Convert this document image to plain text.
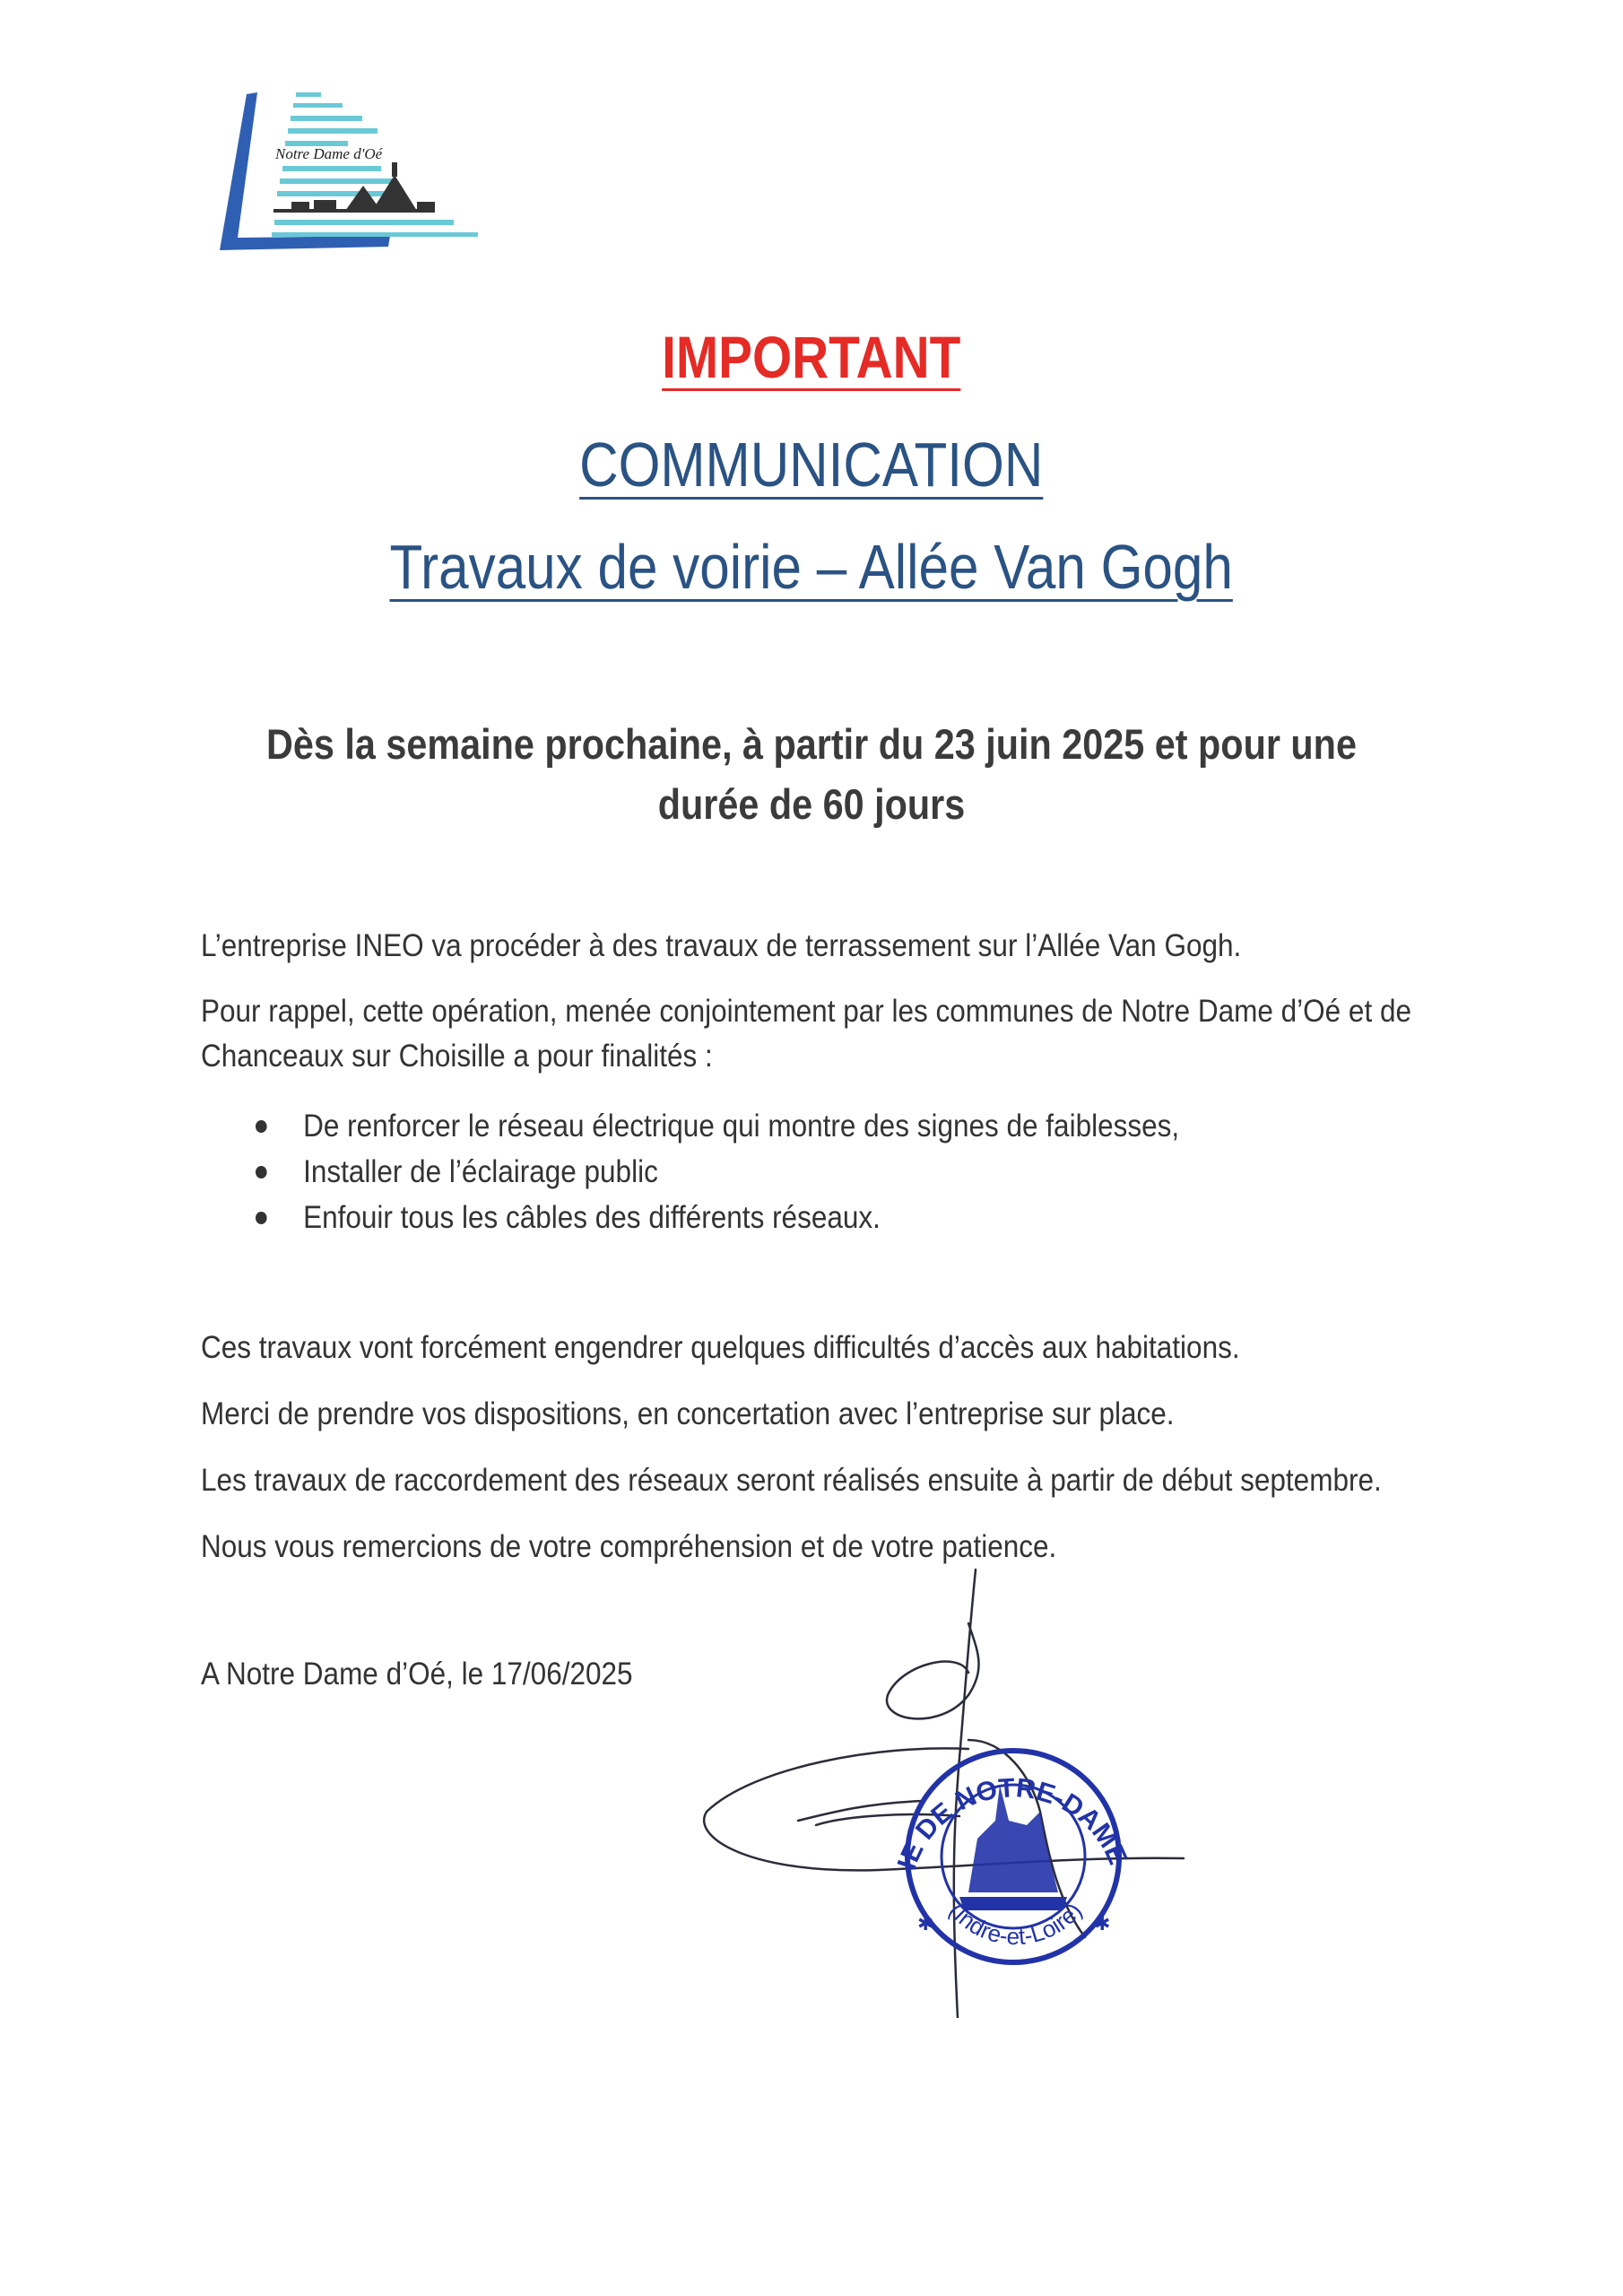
Notre Dame d'Oé
IMPORTANT
COMMUNICATION
Travaux de voirie – Allée Van Gogh
Dès la semaine prochaine, à partir du 23 juin 2025 et pour une
durée de 60 jours
L’entreprise INEO va procéder à des travaux de terrassement sur l’Allée Van Gogh.
Pour rappel, cette opération, menée conjointement par les communes de Notre Dame d’Oé et de
Chanceaux sur Choisille a pour finalités :
De renforcer le réseau électrique qui montre des signes de faiblesses,
Installer de l’éclairage public
Enfouir tous les câbles des différents réseaux.
Ces travaux vont forcément engendrer quelques difficultés d’accès aux habitations.
Merci de prendre vos dispositions, en concertation avec l’entreprise sur place.
Les travaux de raccordement des réseaux seront réalisés ensuite à partir de début septembre.
Nous vous remercions de votre compréhension et de votre patience.
A Notre Dame d’Oé, le 17/06/2025
IE DE NOTRE-DAME
(Indre-et-Loire)
✱	✱
